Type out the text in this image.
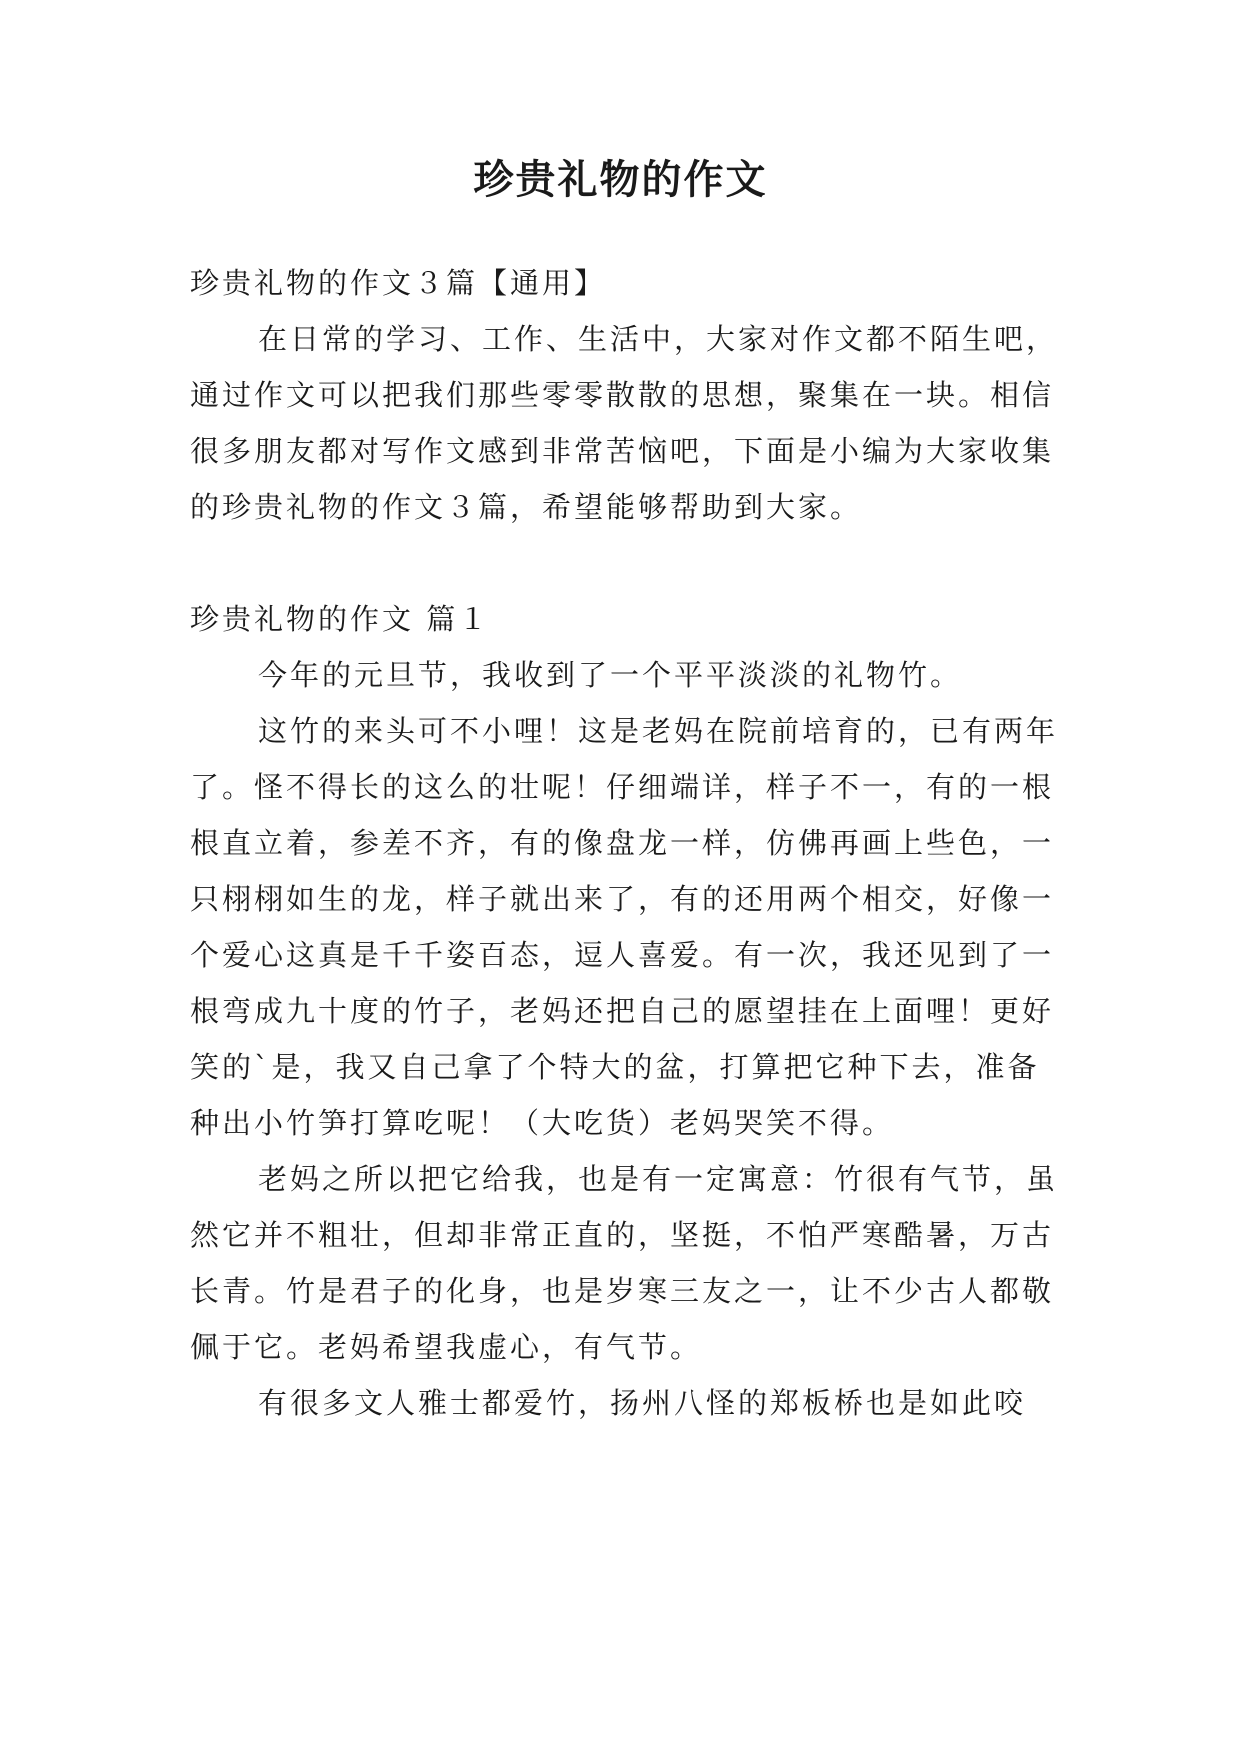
珍贵礼物的作文

珍贵礼物的作文３篇【通用】

在日常的学习、工作、生活中，大家对作文都不陌生吧，通过作文可以把我们那些零零散散的思想，聚集在一块。相信很多朋友都对写作文感到非常苦恼吧，下面是小编为大家收集的珍贵礼物的作文３篇，希望能够帮助到大家。

珍贵礼物的作文 篇１

今年的元旦节，我收到了一个平平淡淡的礼物竹。

这竹的来头可不小哩！这是老妈在院前培育的，已有两年了。怪不得长的这么的壮呢！仔细端详，样子不一，有的一根根直立着，参差不齐，有的像盘龙一样，仿佛再画上些色，一只栩栩如生的龙，样子就出来了，有的还用两个相交，好像一个爱心这真是千千姿百态，逗人喜爱。有一次，我还见到了一根弯成九十度的竹子，老妈还把自己的愿望挂在上面哩！更好笑的`是，我又自己拿了个特大的盆，打算把它种下去，准备种出小竹笋打算吃呢！（大吃货）老妈哭笑不得。

老妈之所以把它给我，也是有一定寓意：竹很有气节，虽然它并不粗壮，但却非常正直的，坚挺，不怕严寒酷暑，万古长青。竹是君子的化身，也是岁寒三友之一，让不少古人都敬佩于它。老妈希望我虚心，有气节。

有很多文人雅士都爱竹，扬州八怪的郑板桥也是如此咬
